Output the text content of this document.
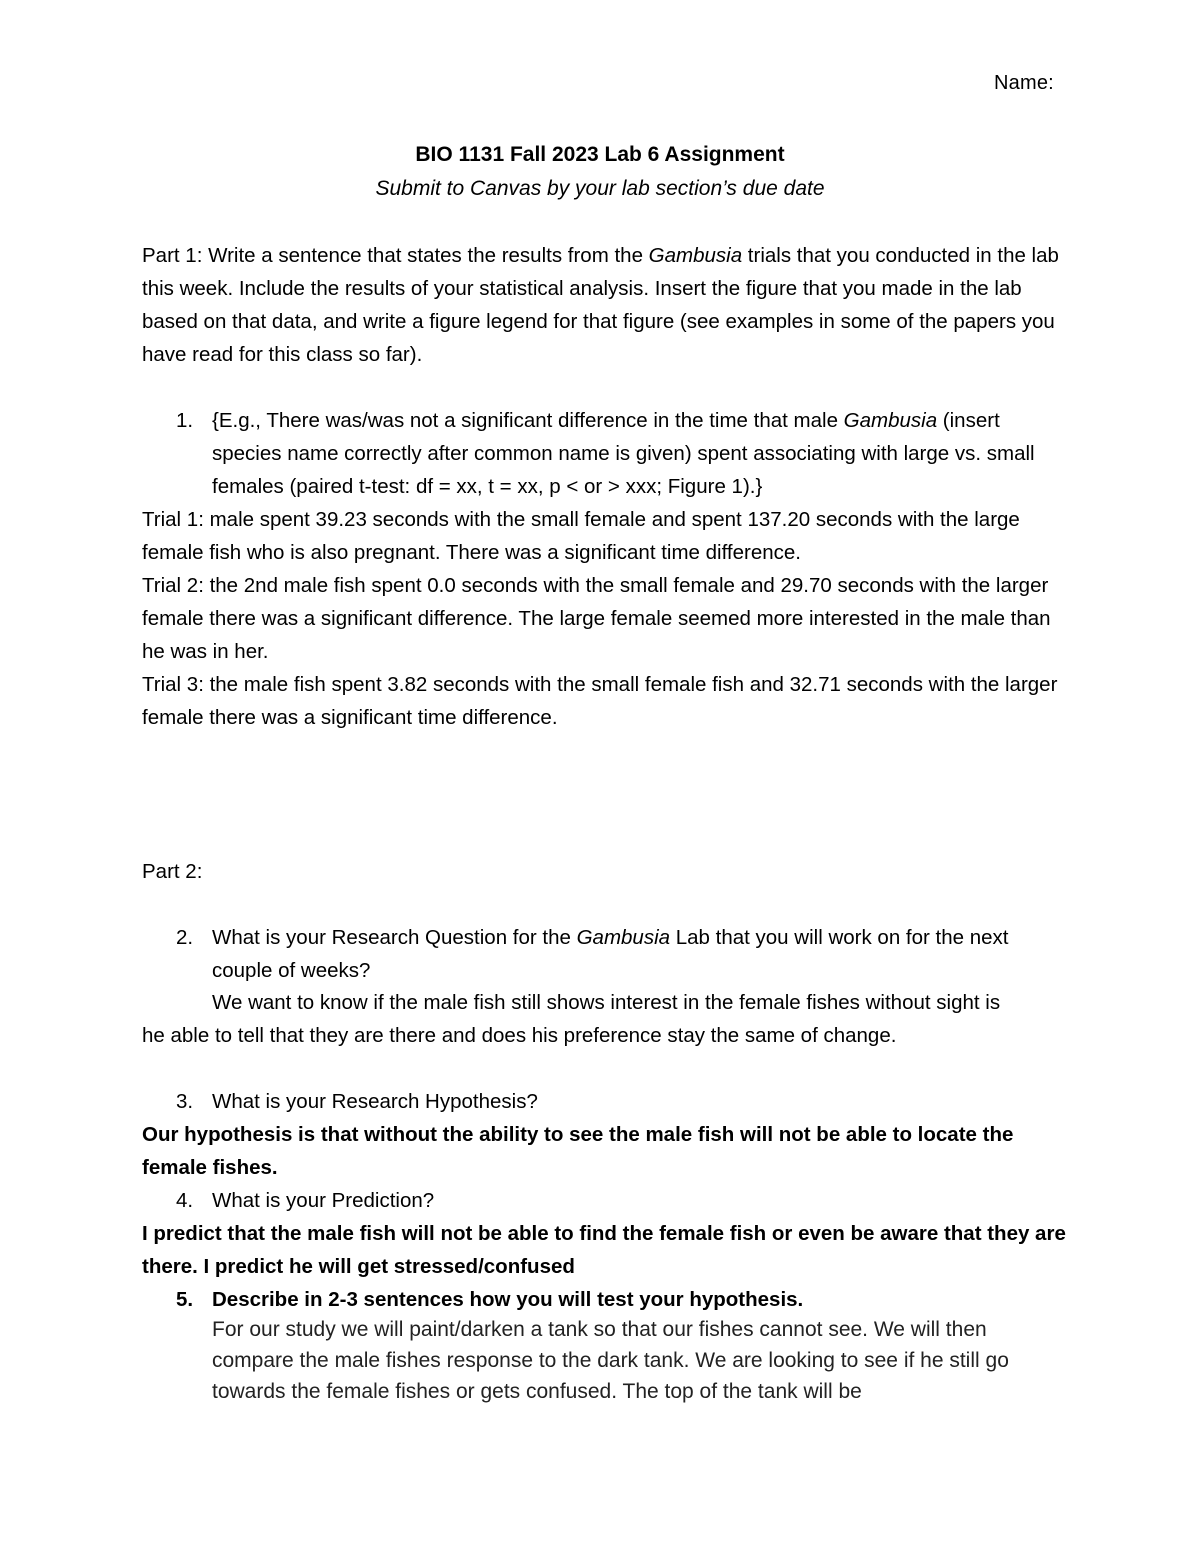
Name:
BIO 1131 Fall 2023 Lab 6 Assignment
Submit to Canvas by your lab section’s due date

Part 1: Write a sentence that states the results from the Gambusia trials that you conducted in the lab this week. Include the results of your statistical analysis. Insert the figure that you made in the lab based on that data, and write a figure legend for that figure (see examples in some of the papers you have read for this class so far).

1. {E.g., There was/was not a significant difference in the time that male Gambusia (insert species name correctly after common name is given) spent associating with large vs. small females (paired t-test: df = xx, t = xx, p < or > xxx; Figure 1).}

Trial 1: male spent 39.23 seconds with the small female and spent 137.20 seconds with the large female fish who is also pregnant. There was a significant time difference.

Trial 2: the 2nd male fish spent 0.0 seconds with the small female and 29.70 seconds with the larger female there was a significant difference. The large female seemed more interested in the male than he was in her.

Trial 3: the male fish spent 3.82 seconds with the small female fish and 32.71 seconds with the larger female there was a significant time difference.

Part 2:
2. What is your Research Question for the Gambusia Lab that you will work on for the next couple of weeks?

We want to know if the male fish still shows interest in the female fishes without sight is

he able to tell that they are there and does his preference stay the same of change.

3. What is your Research Hypothesis?
Our hypothesis is that without the ability to see the male fish will not be able to locate the female fishes.
4. What is your Prediction?
I predict that the male fish will not be able to find the female fish or even be aware that they are there. I predict he will get stressed/confused
5. Describe in 2-3 sentences how you will test your hypothesis.
For our study we will paint/darken a tank so that our fishes cannot see. We will then compare the male fishes response to the dark tank. We are looking to see if he still go towards the female fishes or gets confused. The top of the tank will be
